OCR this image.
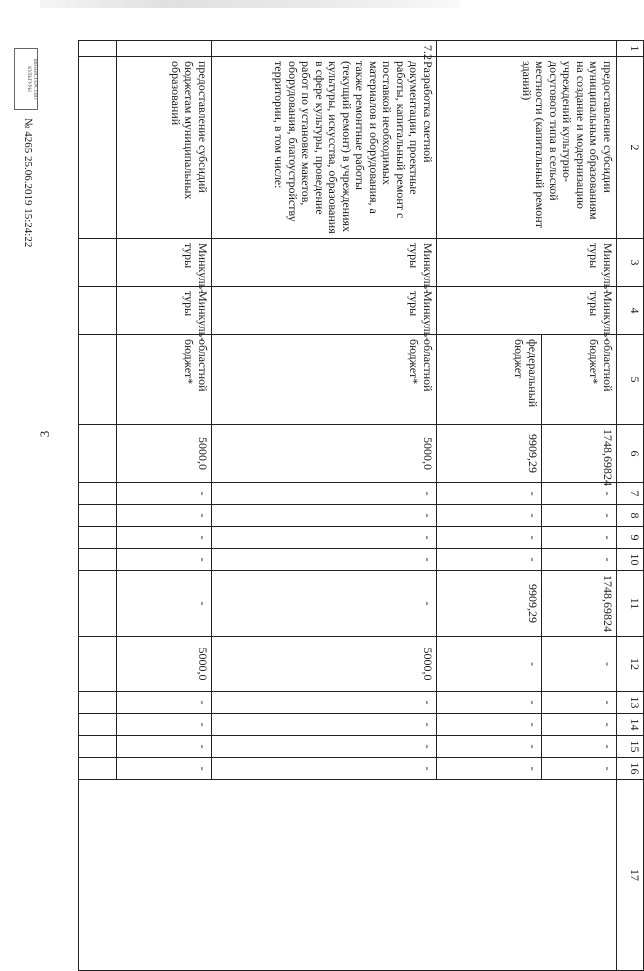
3
1	2	3	4	5	6	7	8	9	10	11	12	13	14	15	16	17
	предоставление субсидии муниципальным образованиям на создание и модернизацию учреждений культурно-досугового типа в сельской местности (капитальный ремонт зданий)	Минкуль-туры	Минкуль-туры	областной бюджет*	1748,69824	-	-	-	-	1748,69824	-	-	-	-	-	
				федеральный бюджет	9909,29	-	-	-	-	9909,29	-	-	-	-	-	
7.2	Разработка сметной документации, проектные работы, капитальный ремонт с поставкой необходимых материалов и оборудования, а также ремонтные работы (текущий ремонт) в учреждениях культуры, искусства, образования в сфере культуры, проведение работ по установке макетов, оборудования, благоустройству территории, в том числе:	Минкуль-туры	Минкуль-туры	областной бюджет*	5000,0	-	-	-	-	-	5000,0	-	-	-	-	
	предоставление субсидий бюджетам муниципальных образований	Минкуль-туры	Минкуль-туры	областной бюджет*	5000,0	-	-	-	-	-	5000,0	-	-	-	-	

МИНИСТЕРСТВО КУЛЬТУРЫ
№ 4265 25.06.2019 15:24:22
